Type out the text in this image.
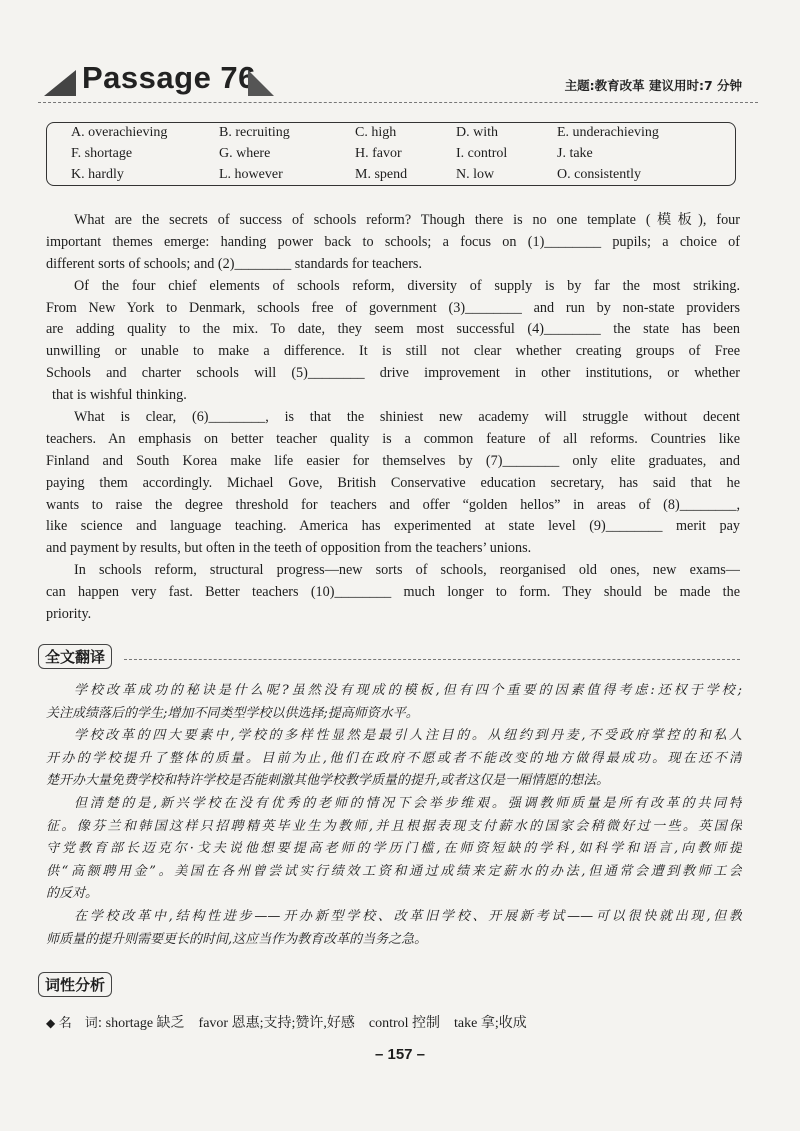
Passage 76	主题:教育改革 建议用时:7 分钟
A. overachieving	B. recruiting	C. high	D. with	E. underachieving
F. shortage	G. where	H. favor	I. control	J. take
K. hardly	L. however	M. spend	N. low	O. consistently
What are the secrets of success of schools reform? Though there is no one template (模板), four
important themes emerge: handing power back to schools; a focus on (1)________ pupils; a choice of
different sorts of schools; and (2)________ standards for teachers.
Of the four chief elements of schools reform, diversity of supply is by far the most striking.
From New York to Denmark, schools free of government (3)________ and run by non-state providers
are adding quality to the mix. To date, they seem most successful (4)________ the state has been
unwilling or unable to make a difference. It is still not clear whether creating groups of Free
Schools and charter schools will (5)________ drive improvement in other institutions, or whether
that is wishful thinking.
What is clear, (6)________, is that the shiniest new academy will struggle without decent
teachers. An emphasis on better teacher quality is a common feature of all reforms. Countries like
Finland and South Korea make life easier for themselves by (7)________ only elite graduates, and
paying them accordingly. Michael Gove, British Conservative education secretary, has said that he
wants to raise the degree threshold for teachers and offer “golden hellos” in areas of (8)________,
like science and language teaching. America has experimented at state level (9)________ merit pay
and payment by results, but often in the teeth of opposition from the teachers’ unions.
In schools reform, structural progress—new sorts of schools, reorganised old ones, new exams—
can happen very fast. Better teachers (10)________ much longer to form. They should be made the
priority.
全文翻译
学校改革成功的秘诀是什么呢?虽然没有现成的模板,但有四个重要的因素值得考虑:还权于学校;
关注成绩落后的学生;增加不同类型学校以供选择;提高师资水平。
学校改革的四大要素中,学校的多样性显然是最引人注目的。从纽约到丹麦,不受政府掌控的和私人
开办的学校提升了整体的质量。目前为止,他们在政府不愿或者不能改变的地方做得最成功。现在还不清
楚开办大量免费学校和特许学校是否能刺激其他学校教学质量的提升,或者这仅是一厢情愿的想法。
但清楚的是,新兴学校在没有优秀的老师的情况下会举步维艰。强调教师质量是所有改革的共同特
征。像芬兰和韩国这样只招聘精英毕业生为教师,并且根据表现支付薪水的国家会稍微好过一些。英国保
守党教育部长迈克尔·戈夫说他想要提高老师的学历门槛,在师资短缺的学科,如科学和语言,向教师提
供“高额聘用金”。美国在各州曾尝试实行绩效工资和通过成绩来定薪水的办法,但通常会遭到教师工会
的反对。
在学校改革中,结构性进步——开办新型学校、改革旧学校、开展新考试——可以很快就出现,但教
师质量的提升则需要更长的时间,这应当作为教育改革的当务之急。
词性分析
◆ 名　词: shortage 缺乏　favor 恩惠;支持;赞许,好感　control 控制　take 拿;收成
– 157 –
